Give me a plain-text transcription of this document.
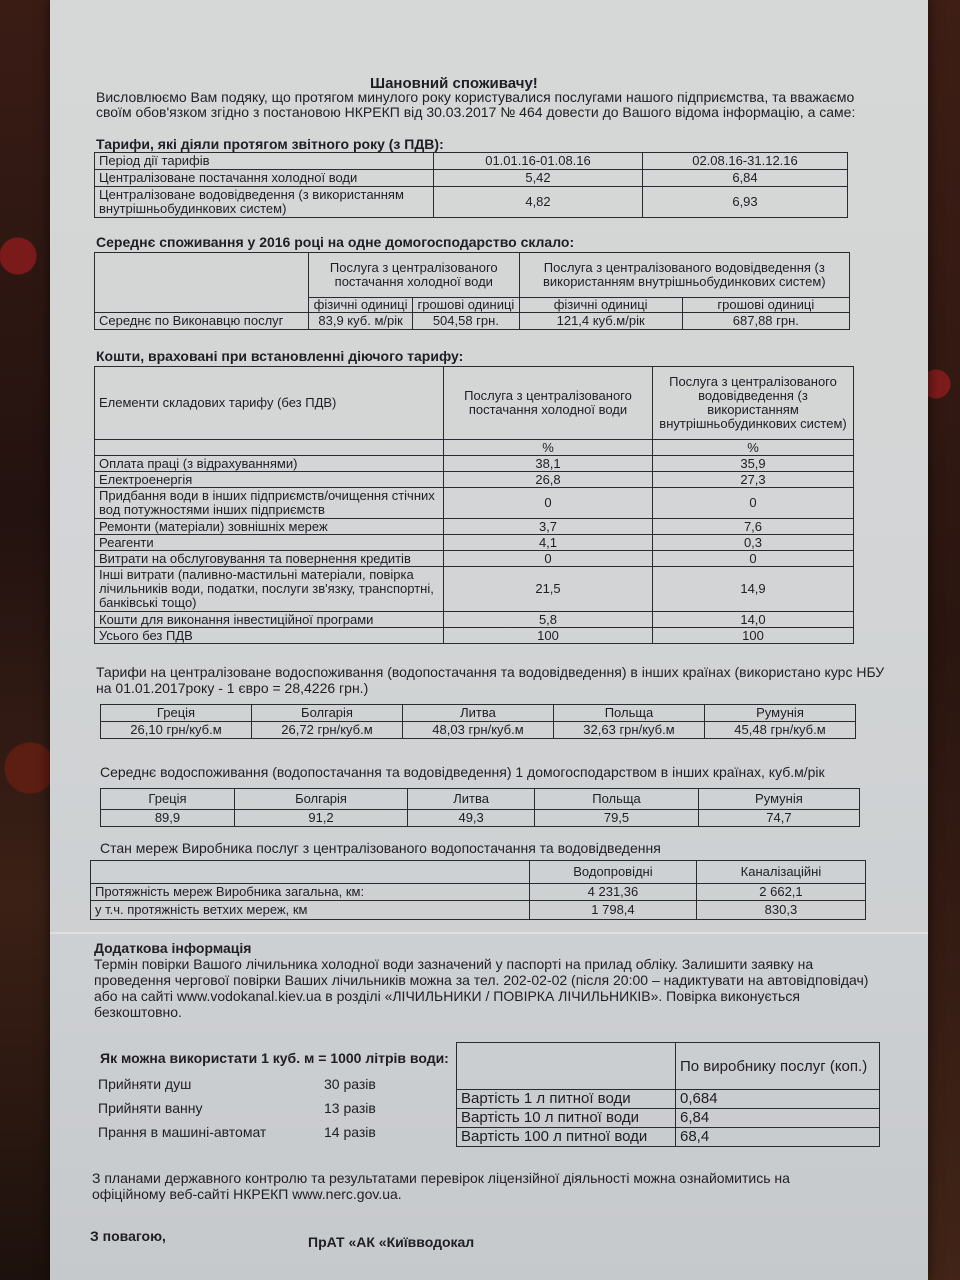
Шановний споживачу!
Висловлюємо Вам подяку, що протягом минулого року користувалися послугами нашого підприємства, та вважаємо своїм обов'язком згідно з постановою НКРЕКП від 30.03.2017 № 464 довести до Вашого відома інформацію, а саме:
Тарифи, які діяли протягом звітного року (з ПДВ):
Період дії тарифів	01.01.16-01.08.16	02.08.16-31.12.16
Централізоване постачання холодної води	5,42	6,84
Централізоване водовідведення (з використанням внутрішньобудинкових систем)	4,82	6,93
Середнє споживання у 2016 році на одне домогосподарство склало:
	Послуга з централізованого постачання холодної води		Послуга з централізованого водовідведення (з використанням внутрішньобудинкових систем)	
	фізичні одиниці	грошові одиниці	фізичні одиниці	грошові одиниці
Середнє по Виконавцю послуг	83,9 куб. м/рік	504,58 грн.	121,4 куб.м/рік	687,88 грн.
Кошти, враховані при встановленні діючого тарифу:
Елементи складових тарифу (без ПДВ)	Послуга з централізованого постачання холодної води	Послуга з централізованого водовідведення (з використанням внутрішньобудинкових систем)
	%	%
Оплата праці (з відрахуваннями)	38,1	35,9
Електроенергія	26,8	27,3
Придбання води в інших підприємств/очищення стічних вод потужностями інших підприємств	0	0
Ремонти (матеріали) зовнішніх мереж	3,7	7,6
Реагенти	4,1	0,3
Витрати на обслуговування та повернення кредитів	0	0
Інші витрати (паливно-мастильні матеріали, повірка лічильників води, податки, послуги зв'язку, транспортні, банківські тощо)	21,5	14,9
Кошти для виконання інвестиційної програми	5,8	14,0
Усього без ПДВ	100	100
Тарифи на централізоване водоспоживання (водопостачання та водовідведення) в інших країнах (використано курс НБУ на 01.01.2017року - 1 євро = 28,4226 грн.)
Греція	Болгарія	Литва	Польща	Румунія
26,10 грн/куб.м	26,72 грн/куб.м	48,03 грн/куб.м	32,63 грн/куб.м	45,48 грн/куб.м
Середнє водоспоживання (водопостачання та водовідведення) 1 домогосподарством в інших країнах, куб.м/рік
Греція	Болгарія	Литва	Польща	Румунія
89,9	91,2	49,3	79,5	74,7
Стан мереж Виробника послуг з централізованого водопостачання та водовідведення
	Водопровідні	Каналізаційні
Протяжність мереж Виробника загальна, км:	4 231,36	2 662,1
у т.ч. протяжність ветхих мереж, км	1 798,4	830,3
Додаткова інформація
Термін повірки Вашого лічильника холодної води зазначений у паспорті на прилад обліку. Залишити заявку на проведення чергової повірки Ваших лічильників можна за тел. 202-02-02 (після 20:00 – надиктувати на автовідповідач) або на сайті www.vodokanal.kiev.ua в розділі «ЛІЧИЛЬНИКИ / ПОВІРКА ЛІЧИЛЬНИКІВ». Повірка виконується безкоштовно.
Як можна використати 1 куб. м = 1000 літрів води:
Прийняти душ	30 разів
Прийняти ванну	13 разів
Прання в машині-автомат	14 разів
	По виробнику послуг (коп.)
Вартість 1 л питної води	0,684
Вартість 10 л питної води	6,84
Вартість 100 л питної води	68,4
З планами державного контролю та результатами перевірок ліцензійної діяльності можна ознайомитись на офіційному веб-сайті НКРЕКП www.nerc.gov.ua.
З повагою,	ПрАТ «АК «Київводокал
